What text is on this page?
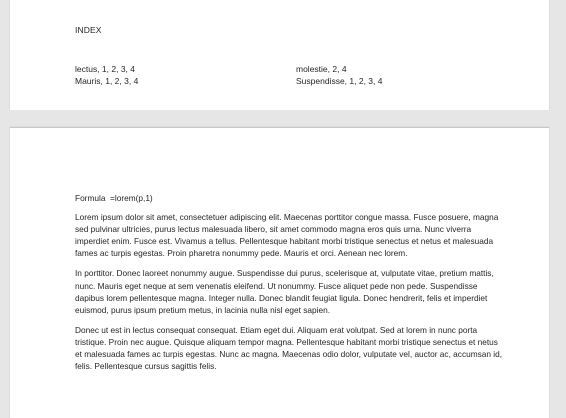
INDEX
lectus, 1, 2, 3, 4
Mauris, 1, 2, 3, 4
molestie, 2, 4
Suspendisse, 1, 2, 3, 4
Formula  =lorem(p,1)
Lorem ipsum dolor sit amet, consectetuer adipiscing elit. Maecenas porttitor congue massa. Fusce posuere, magna sed pulvinar ultricies, purus lectus malesuada libero, sit amet commodo magna eros quis urna. Nunc viverra imperdiet enim. Fusce est. Vivamus a tellus. Pellentesque habitant morbi tristique senectus et netus et malesuada fames ac turpis egestas. Proin pharetra nonummy pede. Mauris et orci. Aenean nec lorem.
In porttitor. Donec laoreet nonummy augue. Suspendisse dui purus, scelerisque at, vulputate vitae, pretium mattis, nunc. Mauris eget neque at sem venenatis eleifend. Ut nonummy. Fusce aliquet pede non pede. Suspendisse dapibus lorem pellentesque magna. Integer nulla. Donec blandit feugiat ligula. Donec hendrerit, felis et imperdiet euismod, purus ipsum pretium metus, in lacinia nulla nisl eget sapien.
Donec ut est in lectus consequat consequat. Etiam eget dui. Aliquam erat volutpat. Sed at lorem in nunc porta tristique. Proin nec augue. Quisque aliquam tempor magna. Pellentesque habitant morbi tristique senectus et netus et malesuada fames ac turpis egestas. Nunc ac magna. Maecenas odio dolor, vulputate vel, auctor ac, accumsan id, felis. Pellentesque cursus sagittis felis.
